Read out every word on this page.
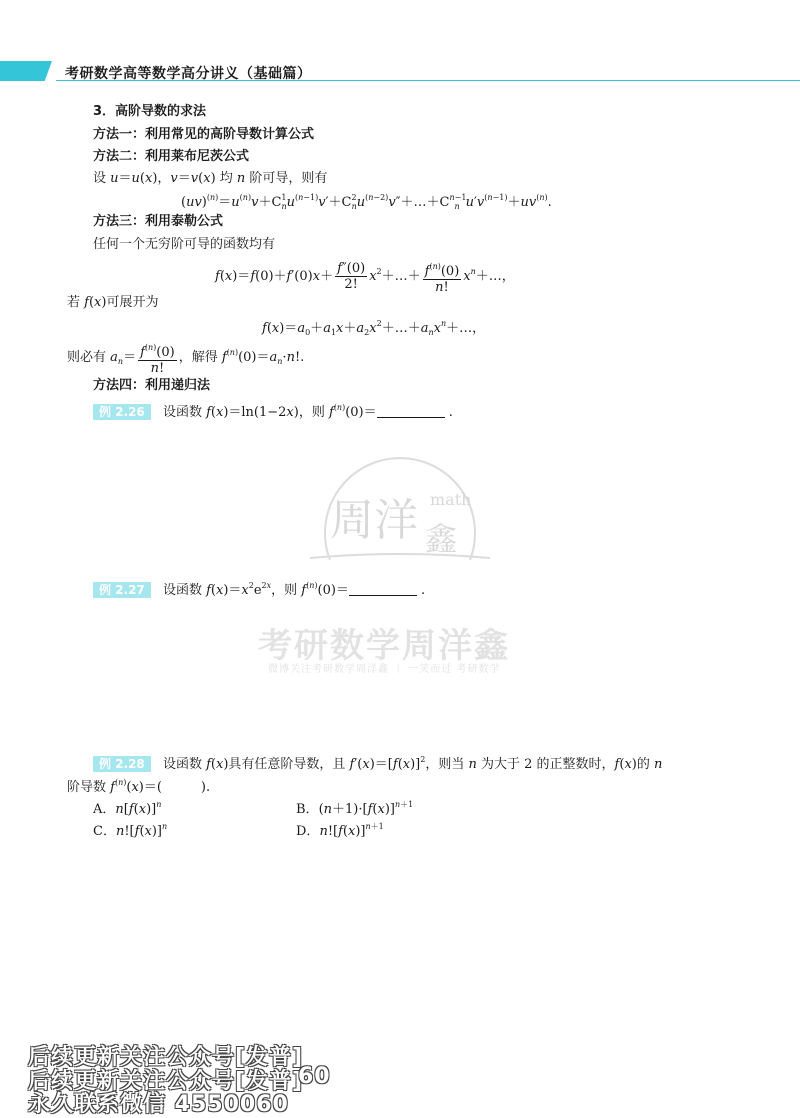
考研数学高等数学高分讲义（基础篇）
3．高阶导数的求法
方法一：利用常见的高阶导数计算公式
方法二：利用莱布尼茨公式
设 u＝u(x)，v＝v(x) 均 n 阶可导，则有
$(uv)^{(n)}=u^{(n)}v+C^1_nu^{(n-1)}v'+C^2_nu^{(n-2)}v''+\dots+C^{n-1}_n$ $u'v^{(n-1)}+uv^{(n)}$.
方法三：利用泰勒公式
任何一个无穷阶可导的函数均有
$f(x)=f(0)+f'(0)x+ \frac{f''(0)}{2!}$ $x^2+\dots+ \frac{f^{(n)}(0)}{n!}$ $x^n+\dots$，
若 f(x)可展开为
$f(x)=a_0+a_1x+a_2x^2+\dots+a_nx^n+\dots$，
则必有 $a_n= \frac{f^{(n)}(0)}{n!}$ ，解得 $f^{(n)}(0)=a_n\cdot n$!.
方法四：利用递归法
例 2.26 设函数 f(x)＝ln(1−2x)，则 $f^{(n)}(0)=$	.
例 2.27 设函数 $f(x)=x^2e^{2x}$，则 $f^{(n)}(0)=$	.
例 2.28 设函数 f(x)具有任意阶导数，且 $f'(x)=[f(x)]^2$，则当 n 为大于 2 的正整数时，f(x)的 n
阶导数 $f^{(n)}(x)=$(　　　).
A．$n[f(x)]^n$	B．$(n+1)\cdot[f(x)]^{n+1}$
C．$n![f(x)]^n$	D．$n![f(x)]^{n+1}$
周洋 math
鑫
考研数学周洋鑫
微博关注考研数学周洋鑫 ｜ 一笑而过 考研数学
后续更新关注公众号[发普]
后续更新关注公众号[发普]
永久联系微信 4550060
60
